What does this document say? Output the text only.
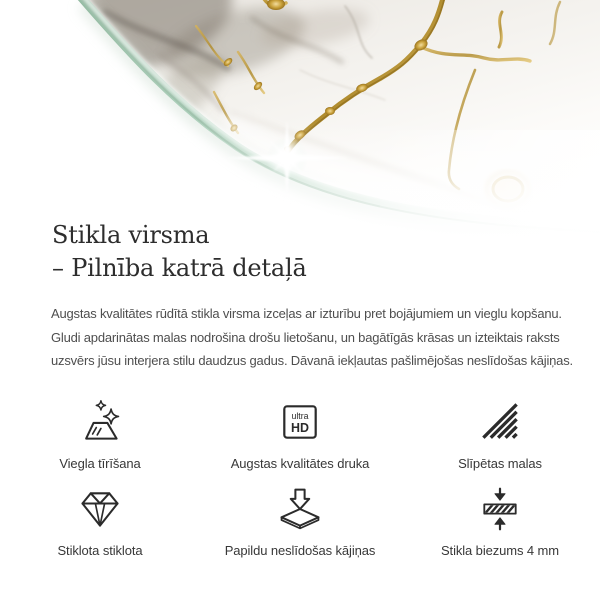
Stikla virsma
– Pilnība katrā detaļā
Augstas kvalitātes rūdītā stikla virsma izceļas ar izturību pret bojājumiem un vieglu kopšanu.
Gludi apdarinātas malas nodrošina drošu lietošanu, un bagātīgās krāsas un izteiktais raksts
uzsvērs jūsu interjera stilu daudzus gadus. Dāvanā iekļautas pašlimējošas neslīdošas kājiņas.
Viegla tīrīšana
ultra
HD
Augstas kvalitātes druka	Slīpētas malas
Stiklota stiklota	Papildu neslīdošas kājiņas	Stikla biezums 4 mm
